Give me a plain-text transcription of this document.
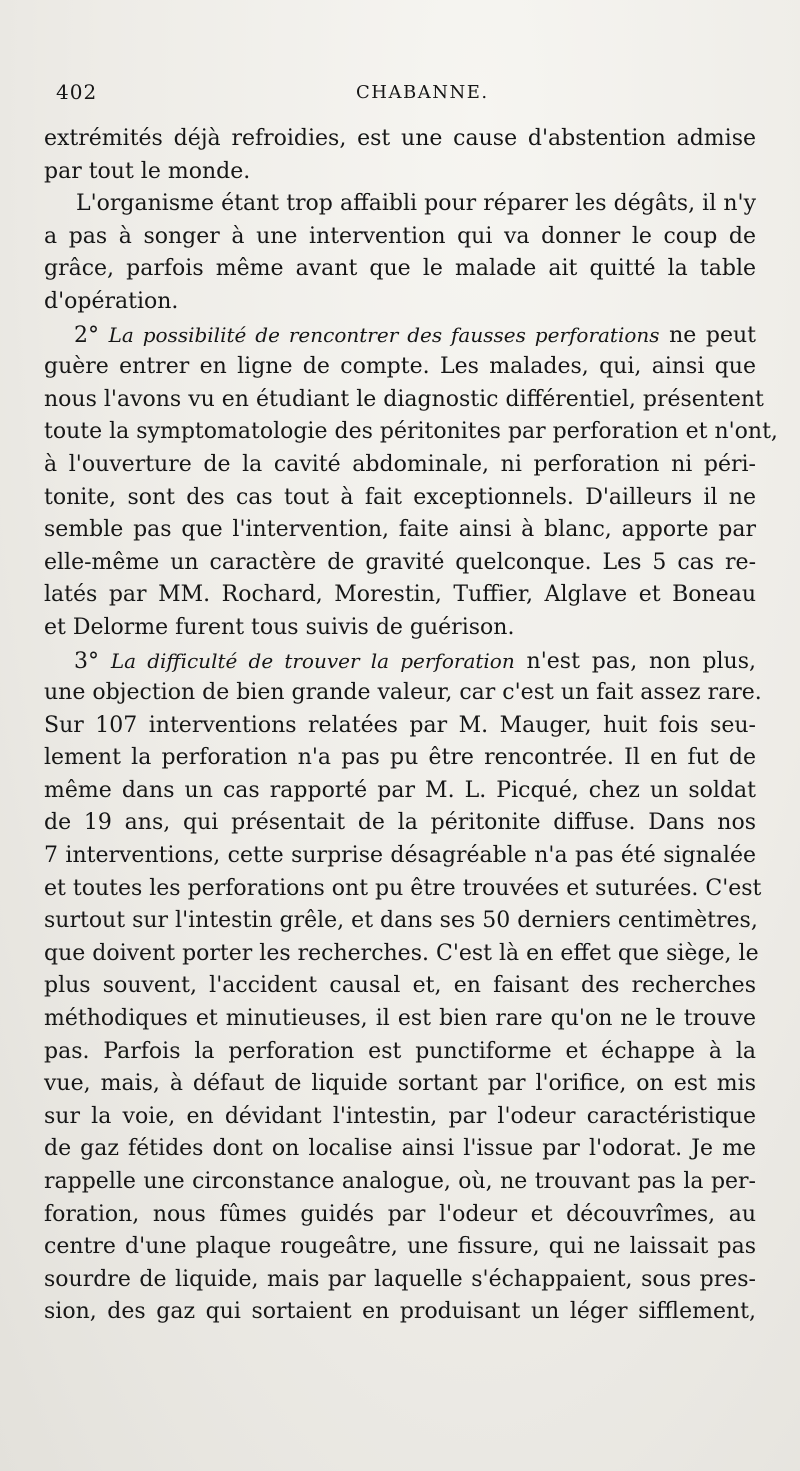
402	CHABANNE.
extrémités déjà refroidies, est une cause d'abstention admise
par tout le monde.
L'organisme étant trop affaibli pour réparer les dégâts, il n'y
a pas à songer à une intervention qui va donner le coup de
grâce, parfois même avant que le malade ait quitté la table
d'opération.
2° La possibilité de rencontrer des fausses perforations ne peut
guère entrer en ligne de compte. Les malades, qui, ainsi que
nous l'avons vu en étudiant le diagnostic différentiel, présentent
toute la symptomatologie des péritonites par perforation et n'ont,
à l'ouverture de la cavité abdominale, ni perforation ni péri-
tonite, sont des cas tout à fait exceptionnels. D'ailleurs il ne
semble pas que l'intervention, faite ainsi à blanc, apporte par
elle-même un caractère de gravité quelconque. Les 5 cas re-
latés par MM. Rochard, Morestin, Tuffier, Alglave et Boneau
et Delorme furent tous suivis de guérison.
3° La difficulté de trouver la perforation n'est pas, non plus,
une objection de bien grande valeur, car c'est un fait assez rare.
Sur 107 interventions relatées par M. Mauger, huit fois seu-
lement la perforation n'a pas pu être rencontrée. Il en fut de
même dans un cas rapporté par M. L. Picqué, chez un soldat
de 19 ans, qui présentait de la péritonite diffuse. Dans nos
7 interventions, cette surprise désagréable n'a pas été signalée
et toutes les perforations ont pu être trouvées et suturées. C'est
surtout sur l'intestin grêle, et dans ses 50 derniers centimètres,
que doivent porter les recherches. C'est là en effet que siège, le
plus souvent, l'accident causal et, en faisant des recherches
méthodiques et minutieuses, il est bien rare qu'on ne le trouve
pas. Parfois la perforation est punctiforme et échappe à la
vue, mais, à défaut de liquide sortant par l'orifice, on est mis
sur la voie, en dévidant l'intestin, par l'odeur caractéristique
de gaz fétides dont on localise ainsi l'issue par l'odorat. Je me
rappelle une circonstance analogue, où, ne trouvant pas la per-
foration, nous fûmes guidés par l'odeur et découvrîmes, au
centre d'une plaque rougeâtre, une fissure, qui ne laissait pas
sourdre de liquide, mais par laquelle s'échappaient, sous pres-
sion, des gaz qui sortaient en produisant un léger sifflement,
